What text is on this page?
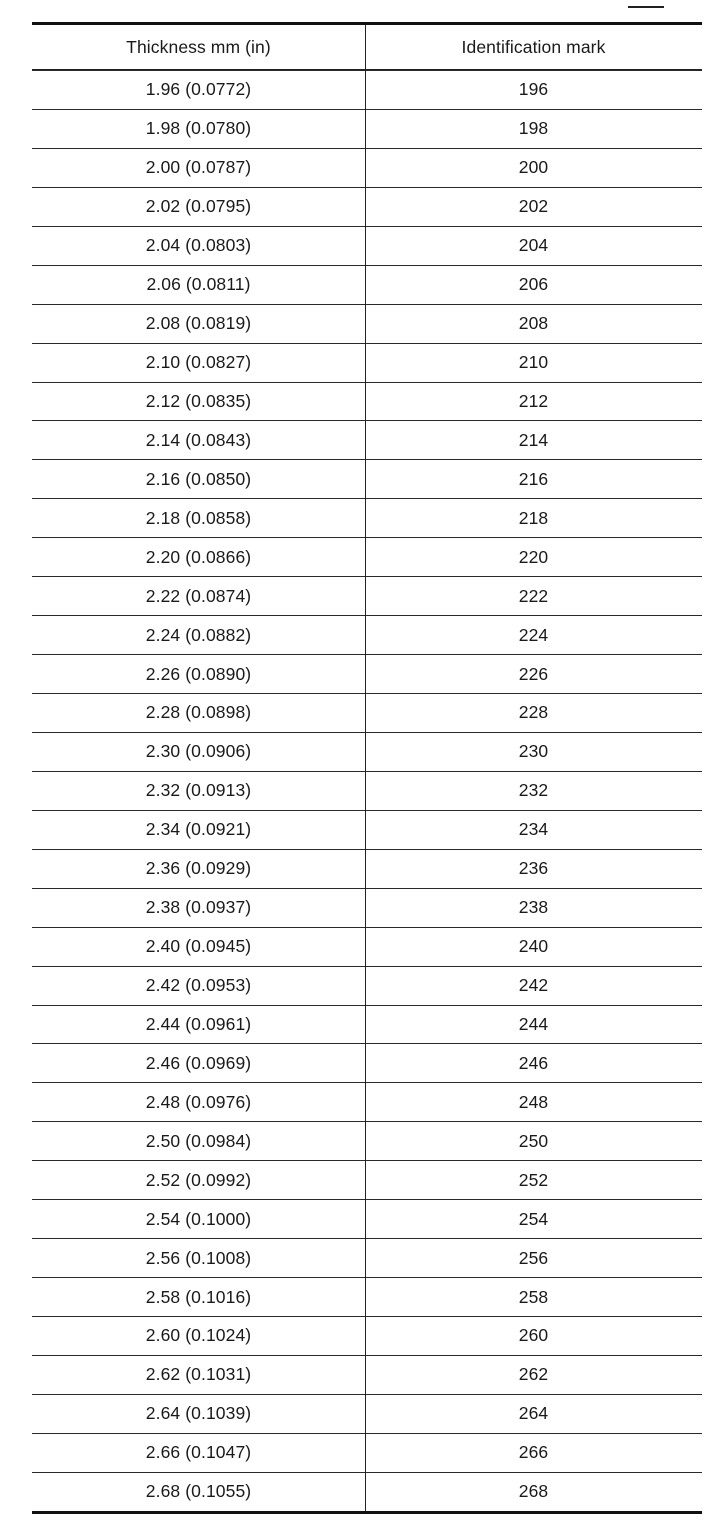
Thickness mm (in)	Identification mark
1.96 (0.0772)	196
1.98 (0.0780)	198
2.00 (0.0787)	200
2.02 (0.0795)	202
2.04 (0.0803)	204
2.06 (0.0811)	206
2.08 (0.0819)	208
2.10 (0.0827)	210
2.12 (0.0835)	212
2.14 (0.0843)	214
2.16 (0.0850)	216
2.18 (0.0858)	218
2.20 (0.0866)	220
2.22 (0.0874)	222
2.24 (0.0882)	224
2.26 (0.0890)	226
2.28 (0.0898)	228
2.30 (0.0906)	230
2.32 (0.0913)	232
2.34 (0.0921)	234
2.36 (0.0929)	236
2.38 (0.0937)	238
2.40 (0.0945)	240
2.42 (0.0953)	242
2.44 (0.0961)	244
2.46 (0.0969)	246
2.48 (0.0976)	248
2.50 (0.0984)	250
2.52 (0.0992)	252
2.54 (0.1000)	254
2.56 (0.1008)	256
2.58 (0.1016)	258
2.60 (0.1024)	260
2.62 (0.1031)	262
2.64 (0.1039)	264
2.66 (0.1047)	266
2.68 (0.1055)	268
